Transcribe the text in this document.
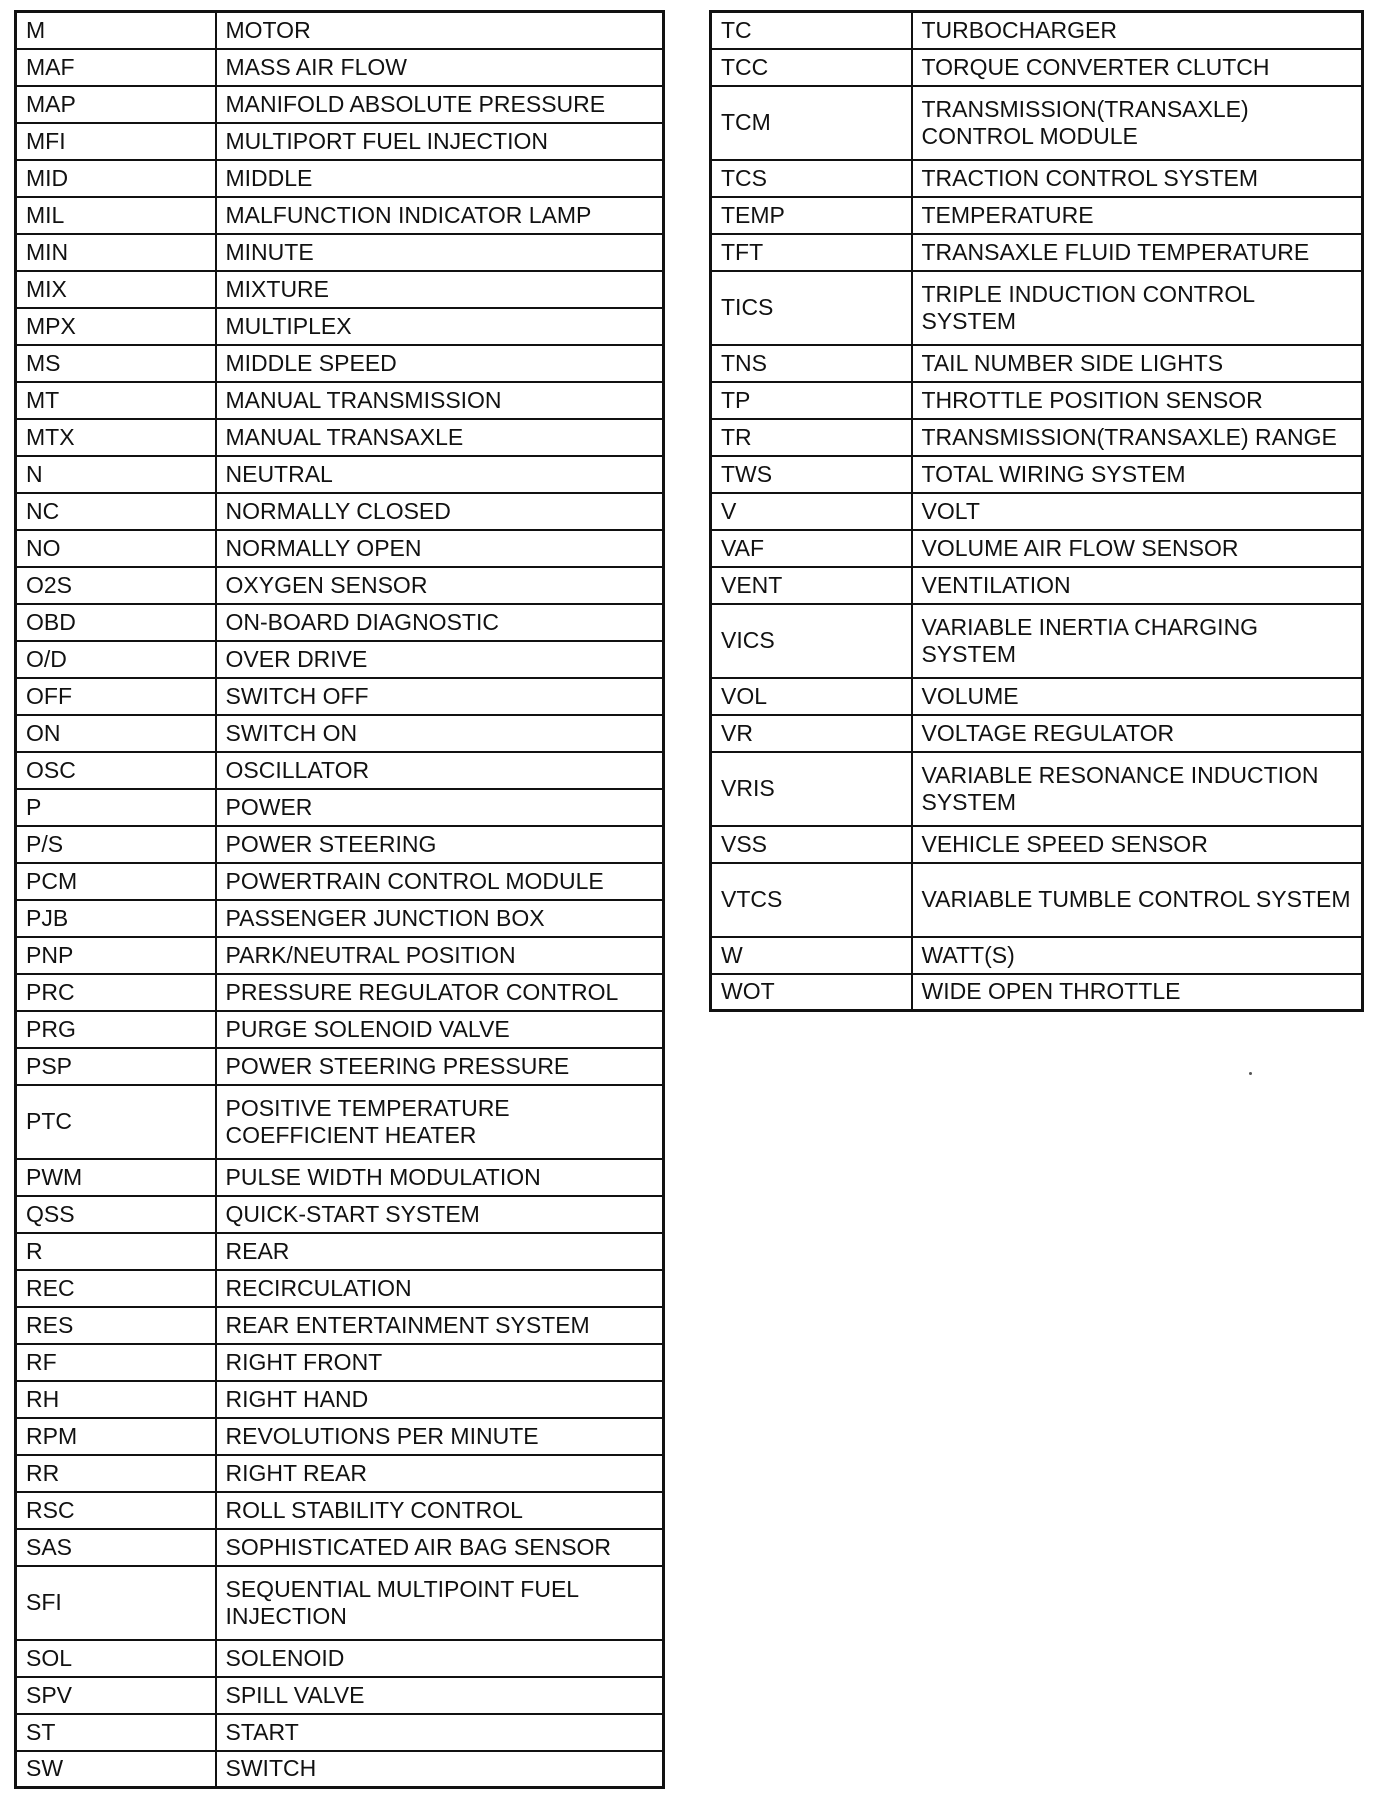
M	MOTOR
MAF	MASS AIR FLOW
MAP	MANIFOLD ABSOLUTE PRESSURE
MFI	MULTIPORT FUEL INJECTION
MID	MIDDLE
MIL	MALFUNCTION INDICATOR LAMP
MIN	MINUTE
MIX	MIXTURE
MPX	MULTIPLEX
MS	MIDDLE SPEED
MT	MANUAL TRANSMISSION
MTX	MANUAL TRANSAXLE
N	NEUTRAL
NC	NORMALLY CLOSED
NO	NORMALLY OPEN
O2S	OXYGEN SENSOR
OBD	ON-BOARD DIAGNOSTIC
O/D	OVER DRIVE
OFF	SWITCH OFF
ON	SWITCH ON
OSC	OSCILLATOR
P	POWER
P/S	POWER STEERING
PCM	POWERTRAIN CONTROL MODULE
PJB	PASSENGER JUNCTION BOX
PNP	PARK/NEUTRAL POSITION
PRC	PRESSURE REGULATOR CONTROL
PRG	PURGE SOLENOID VALVE
PSP	POWER STEERING PRESSURE
PTC	POSITIVE TEMPERATURE COEFFICIENT HEATER
PWM	PULSE WIDTH MODULATION
QSS	QUICK-START SYSTEM
R	REAR
REC	RECIRCULATION
RES	REAR ENTERTAINMENT SYSTEM
RF	RIGHT FRONT
RH	RIGHT HAND
RPM	REVOLUTIONS PER MINUTE
RR	RIGHT REAR
RSC	ROLL STABILITY CONTROL
SAS	SOPHISTICATED AIR BAG SENSOR
SFI	SEQUENTIAL MULTIPOINT FUEL INJECTION
SOL	SOLENOID
SPV	SPILL VALVE
ST	START
SW	SWITCH
TC	TURBOCHARGER
TCC	TORQUE CONVERTER CLUTCH
TCM	TRANSMISSION(TRANSAXLE) CONTROL MODULE
TCS	TRACTION CONTROL SYSTEM
TEMP	TEMPERATURE
TFT	TRANSAXLE FLUID TEMPERATURE
TICS	TRIPLE INDUCTION CONTROL SYSTEM
TNS	TAIL NUMBER SIDE LIGHTS
TP	THROTTLE POSITION SENSOR
TR	TRANSMISSION(TRANSAXLE) RANGE
TWS	TOTAL WIRING SYSTEM
V	VOLT
VAF	VOLUME AIR FLOW SENSOR
VENT	VENTILATION
VICS	VARIABLE INERTIA CHARGING SYSTEM
VOL	VOLUME
VR	VOLTAGE REGULATOR
VRIS	VARIABLE RESONANCE INDUCTION SYSTEM
VSS	VEHICLE SPEED SENSOR
VTCS	VARIABLE TUMBLE CONTROL SYSTEM
W	WATT(S)
WOT	WIDE OPEN THROTTLE
